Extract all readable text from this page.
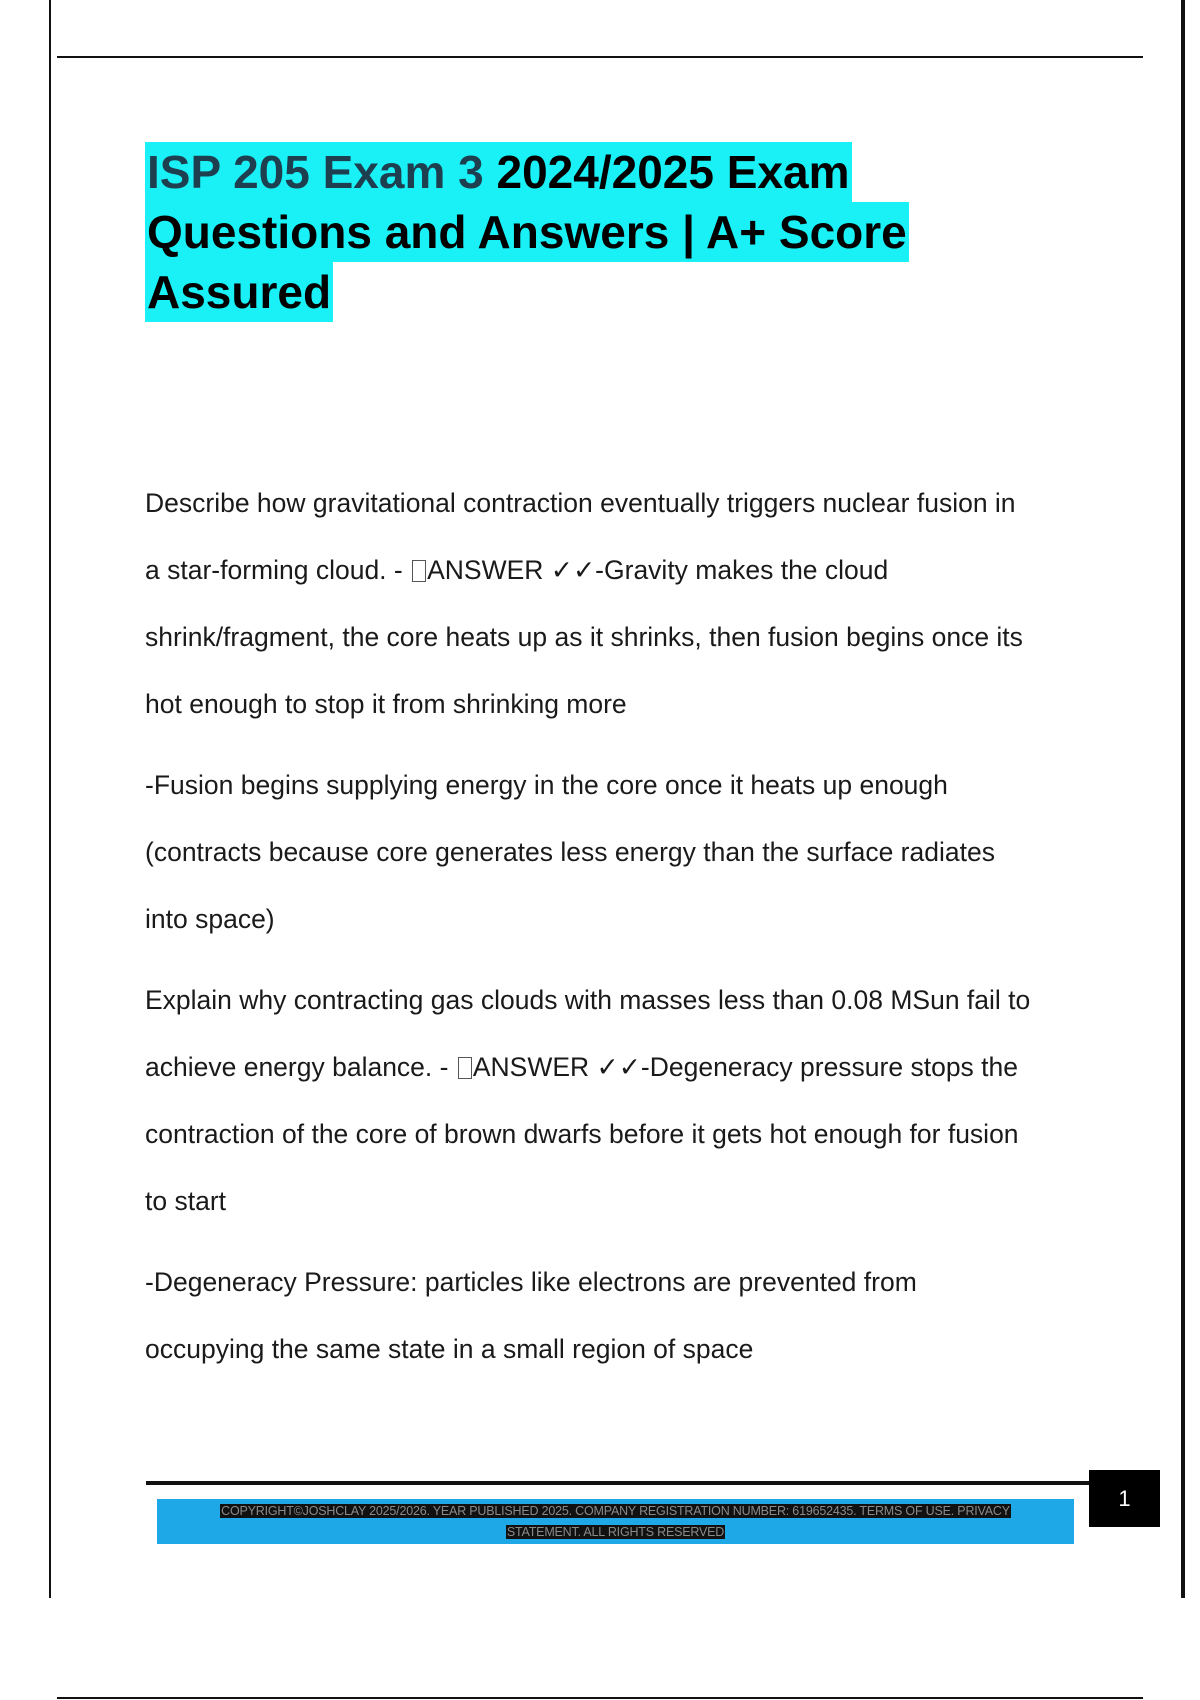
ISP 205 Exam 3 2024/2025 Exam
Questions and Answers | A+ Score
Assured

Describe how gravitational contraction eventually triggers nuclear fusion in
a star-forming cloud. - ANSWER ✓✓-Gravity makes the cloud
shrink/fragment, the core heats up as it shrinks, then fusion begins once its
hot enough to stop it from shrinking more

-Fusion begins supplying energy in the core once it heats up enough
(contracts because core generates less energy than the surface radiates
into space)

Explain why contracting gas clouds with masses less than 0.08 MSun fail to
achieve energy balance. - ANSWER ✓✓-Degeneracy pressure stops the
contraction of the core of brown dwarfs before it gets hot enough for fusion
to start

-Degeneracy Pressure: particles like electrons are prevented from
occupying the same state in a small region of space

COPYRIGHT©JOSHCLAY 2025/2026. YEAR PUBLISHED 2025. COMPANY REGISTRATION NUMBER: 619652435. TERMS OF USE. PRIVACY
STATEMENT. ALL RIGHTS RESERVED
1
